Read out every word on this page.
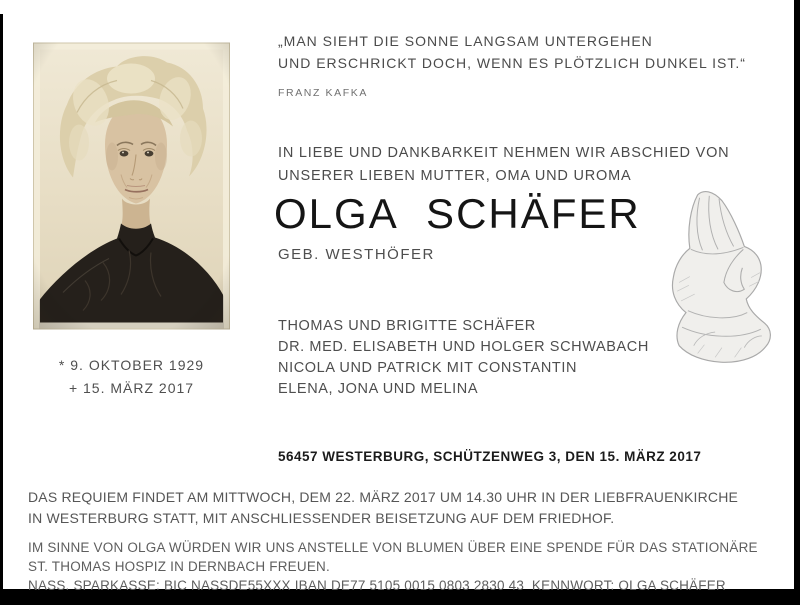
* 9. OKTOBER 1929
+ 15. MÄRZ 2017
„MAN SIEHT DIE SONNE LANGSAM UNTERGEHEN
UND ERSCHRICKT DOCH, WENN ES PLÖTZLICH DUNKEL IST.“
FRANZ KAFKA
IN LIEBE UND DANKBARKEIT NEHMEN WIR ABSCHIED VON
UNSERER LIEBEN MUTTER, OMA UND UROMA
OLGA SCHÄFER
GEB. WESTHÖFER
THOMAS UND BRIGITTE SCHÄFER
DR. MED. ELISABETH UND HOLGER SCHWABACH
NICOLA UND PATRICK MIT CONSTANTIN
ELENA, JONA UND MELINA
56457 WESTERBURG, SCHÜTZENWEG 3, DEN 15. MÄRZ 2017
DAS REQUIEM FINDET AM MITTWOCH, DEM 22. MÄRZ 2017 UM 14.30 UHR IN DER LIEBFRAUENKIRCHE
IN WESTERBURG STATT, MIT ANSCHLIESSENDER BEISETZUNG AUF DEM FRIEDHOF.
IM SINNE VON OLGA WÜRDEN WIR UNS ANSTELLE VON BLUMEN ÜBER EINE SPENDE FÜR DAS STATIONÄRE
ST. THOMAS HOSPIZ IN DERNBACH FREUEN.
NASS. SPARKASSE: BIC NASSDE55XXX IBAN DE77 5105 0015 0803 2830 43  KENNWORT: OLGA SCHÄFER
